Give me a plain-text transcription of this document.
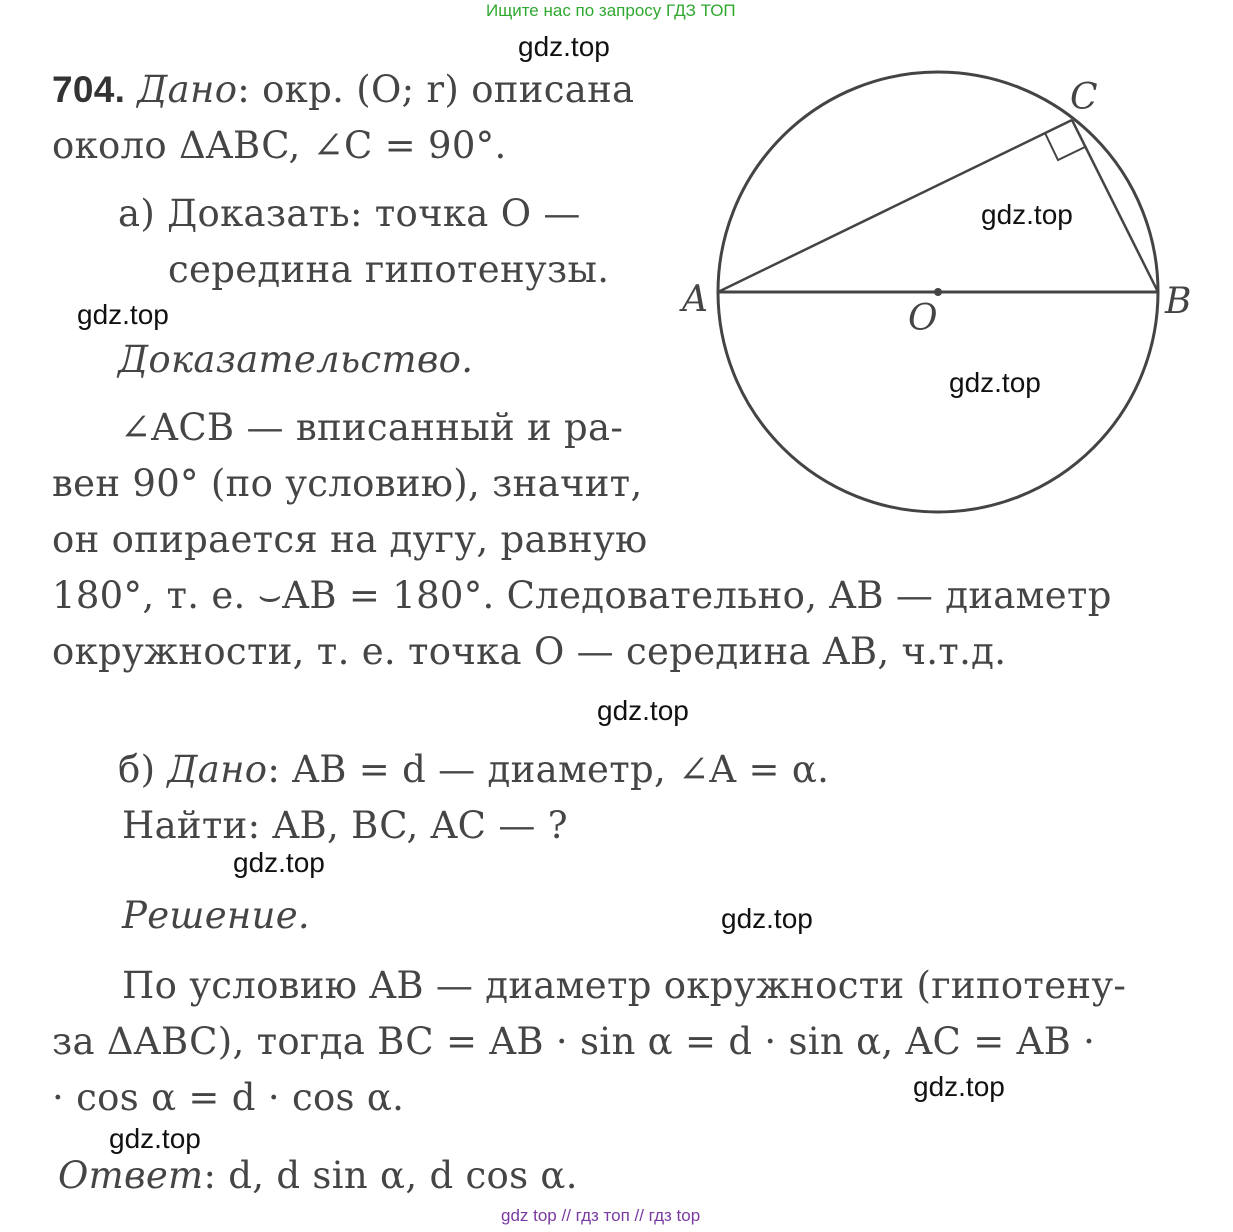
Ищите нас по запросу ГДЗ ТОП
gdz top // гдз топ // гдз top
gdz.top
gdz.top
gdz.top
gdz.top
gdz.top
gdz.top
gdz.top
gdz.top
gdz.top
704. Дано: окр. (O; r) описана
около ΔABC, ∠C = 90°.
а) Доказать: точка O —
середина гипотенузы.
Доказательство.
∠ACB — вписанный и ра-
вен 90° (по условию), значит,
он опирается на дугу, равную
180°, т. е. ⌣AB = 180°. Следовательно, AB — диаметр
окружности, т. е. точка O — середина AB, ч.т.д.
б) Дано: AB = d — диаметр, ∠A = α.
Найти: AB, BC, AC — ?
Решение.
По условию AB — диаметр окружности (гипотену-
за ΔABC), тогда BC = AB · sin α = d · sin α, AC = AB ·
· cos α = d · cos α.
Ответ: d, d sin α, d cos α.
A	B
C
O
